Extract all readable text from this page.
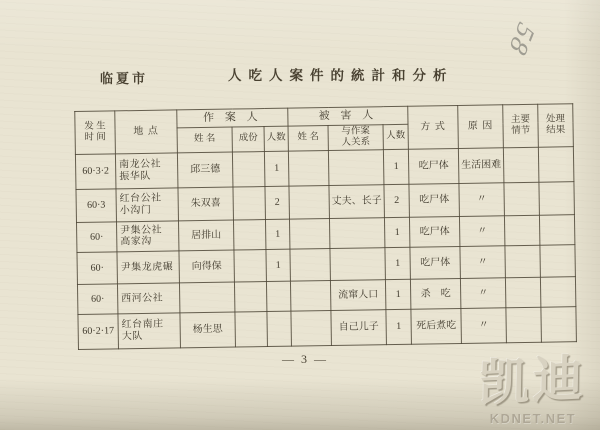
58
临夏市	人吃人案件的統計和分析
发 生
时 间	地 点	作 案 人			被 害 人			方 式	原 因	主要
情节	处理
结果
		姓 名	成份	人数	姓 名	与作案
人关系	人数				
60·3·2	南龙公社
振华队	邱三德		1			1	吃尸体	生活困难		
60·3	红台公社
小沟门	朱双喜		2		丈夫、长子	2	吃尸体	〃		
60·	尹集公社
高家沟	居排山		1			1	吃尸体	〃		
60·	尹集龙虎碾	向得保		1			1	吃尸体	〃		
60·	西河公社					流窜人口	1	杀　吃	〃		
60·2·17	红台南庄
大队	杨生思				自己儿子	1	死后煮吃	〃		
— 3 —	凯迪
KDNET.NET
